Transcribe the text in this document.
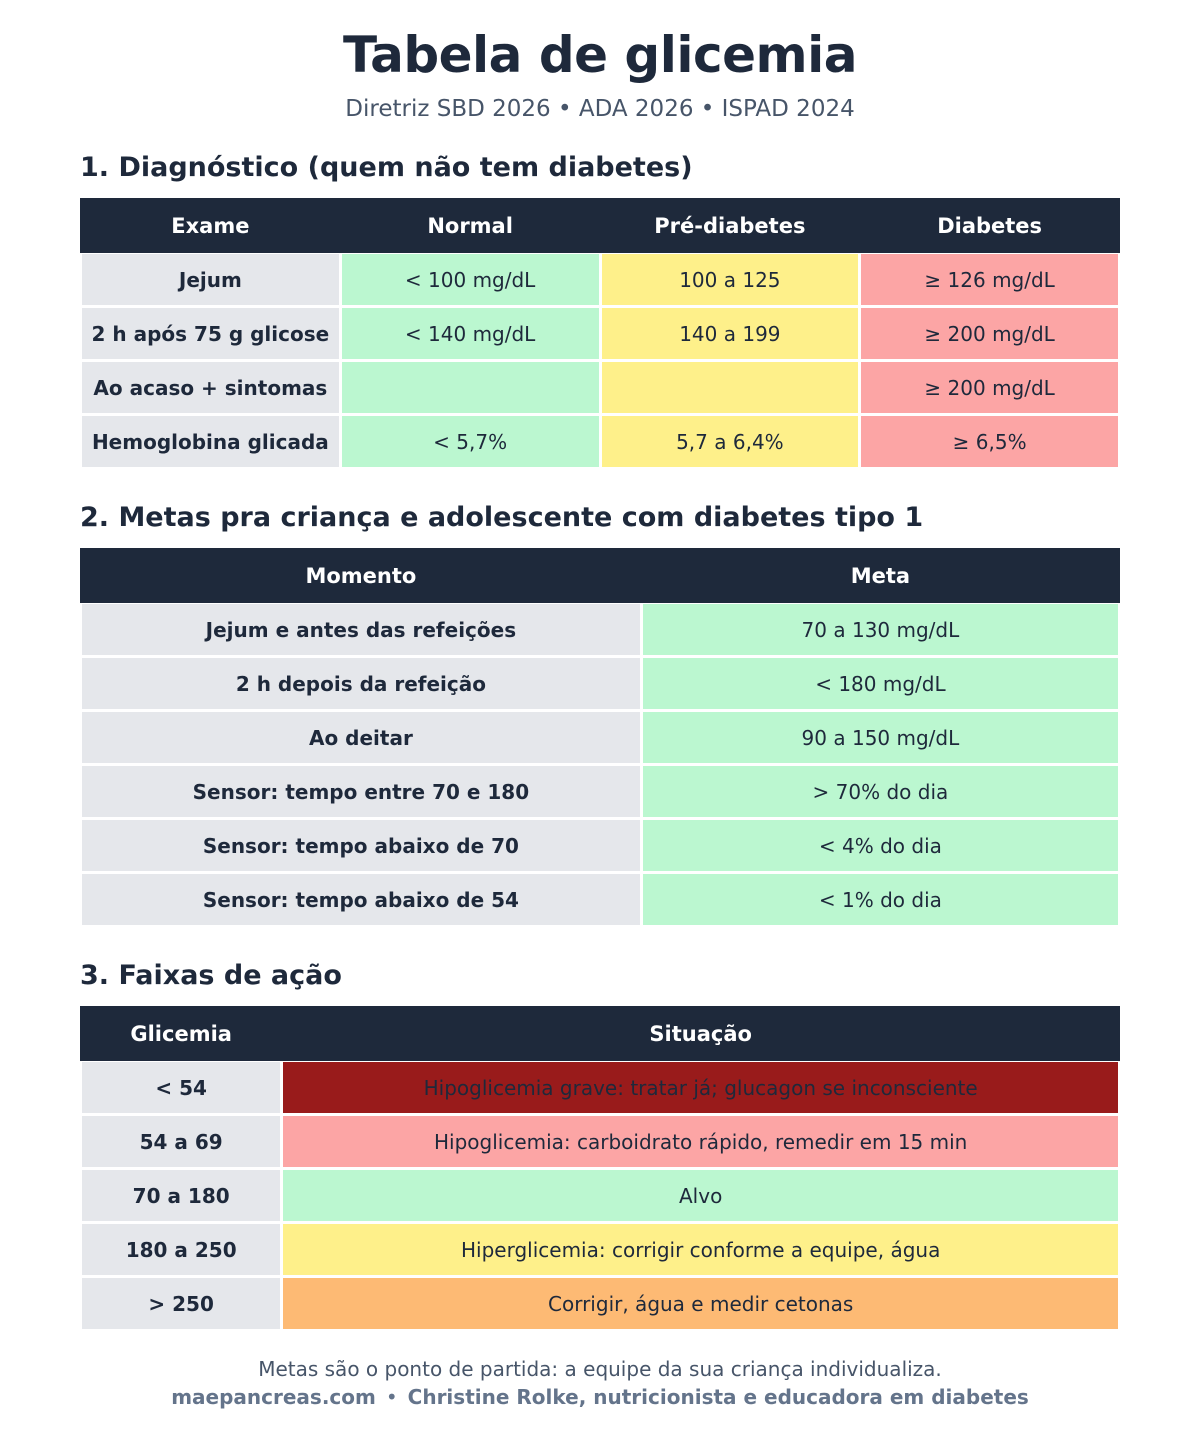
Tabela de glicemia
Diretriz SBD 2026 • ADA 2026 • ISPAD 2024
1. Diagnóstico (quem não tem diabetes)
Exame	Normal	Pré-diabetes	Diabetes
Jejum	< 100 mg/dL	100 a 125	≥ 126 mg/dL
2 h após 75 g glicose	< 140 mg/dL	140 a 199	≥ 200 mg/dL
Ao acaso + sintomas			≥ 200 mg/dL
Hemoglobina glicada	< 5,7%	5,7 a 6,4%	≥ 6,5%
2. Metas pra criança e adolescente com diabetes tipo 1
Momento	Meta
Jejum e antes das refeições	70 a 130 mg/dL
2 h depois da refeição	< 180 mg/dL
Ao deitar	90 a 150 mg/dL
Sensor: tempo entre 70 e 180	> 70% do dia
Sensor: tempo abaixo de 70	< 4% do dia
Sensor: tempo abaixo de 54	< 1% do dia
3. Faixas de ação
Glicemia	Situação
< 54	Hipoglicemia grave: tratar já; glucagon se inconsciente
54 a 69	Hipoglicemia: carboidrato rápido, remedir em 15 min
70 a 180	Alvo
180 a 250	Hiperglicemia: corrigir conforme a equipe, água
> 250	Corrigir, água e medir cetonas
Metas são o ponto de partida: a equipe da sua criança individualiza.
maepancreas.com • Christine Rolke, nutricionista e educadora em diabetes
